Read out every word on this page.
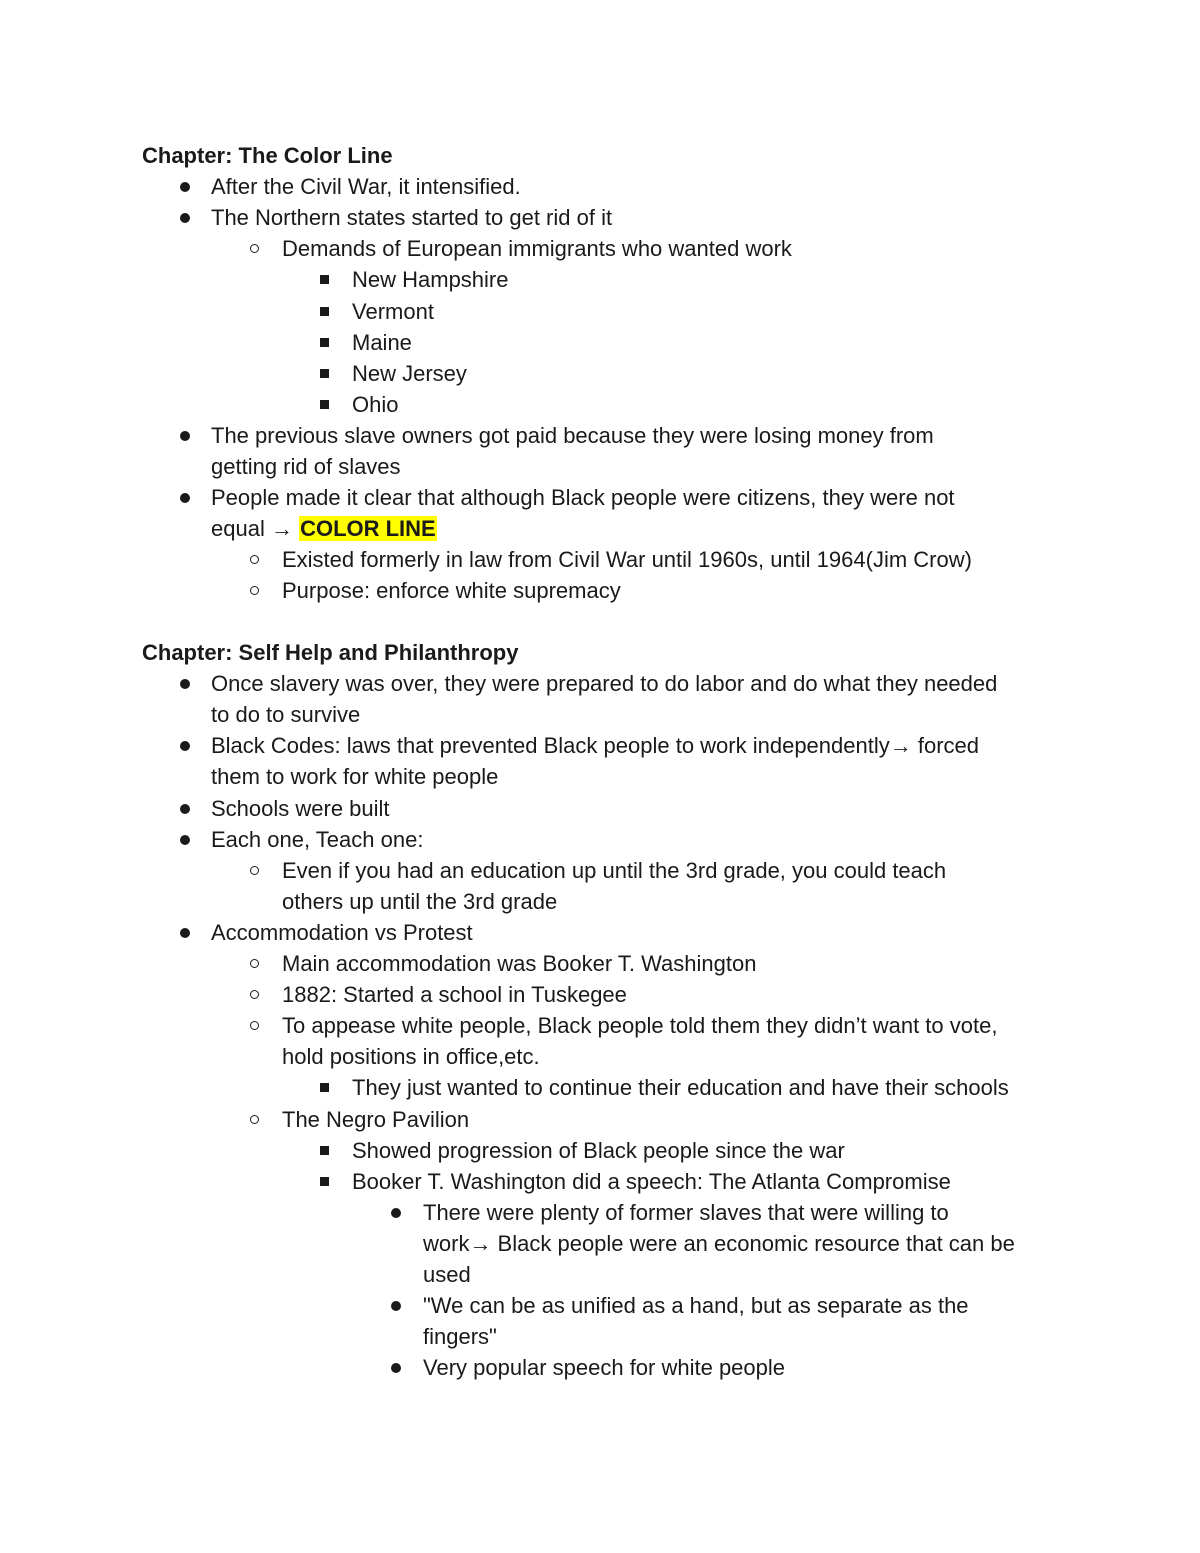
Chapter: The Color Line
After the Civil War, it intensified.
The Northern states started to get rid of it
Demands of European immigrants who wanted work
New Hampshire
Vermont
Maine
New Jersey
Ohio
The previous slave owners got paid because they were losing money from
getting rid of slaves
People made it clear that although Black people were citizens, they were not
equal → COLOR LINE
Existed formerly in law from Civil War until 1960s, until 1964(Jim Crow)
Purpose: enforce white supremacy
Chapter: Self Help and Philanthropy
Once slavery was over, they were prepared to do labor and do what they needed
to do to survive
Black Codes: laws that prevented Black people to work independently→ forced
them to work for white people
Schools were built
Each one, Teach one:
Even if you had an education up until the 3rd grade, you could teach
others up until the 3rd grade
Accommodation vs Protest
Main accommodation was Booker T. Washington
1882: Started a school in Tuskegee
To appease white people, Black people told them they didn’t want to vote,
hold positions in office,etc.
They just wanted to continue their education and have their schools
The Negro Pavilion
Showed progression of Black people since the war
Booker T. Washington did a speech: The Atlanta Compromise
There were plenty of former slaves that were willing to
work→ Black people were an economic resource that can be
used
"We can be as unified as a hand, but as separate as the
fingers"
Very popular speech for white people
